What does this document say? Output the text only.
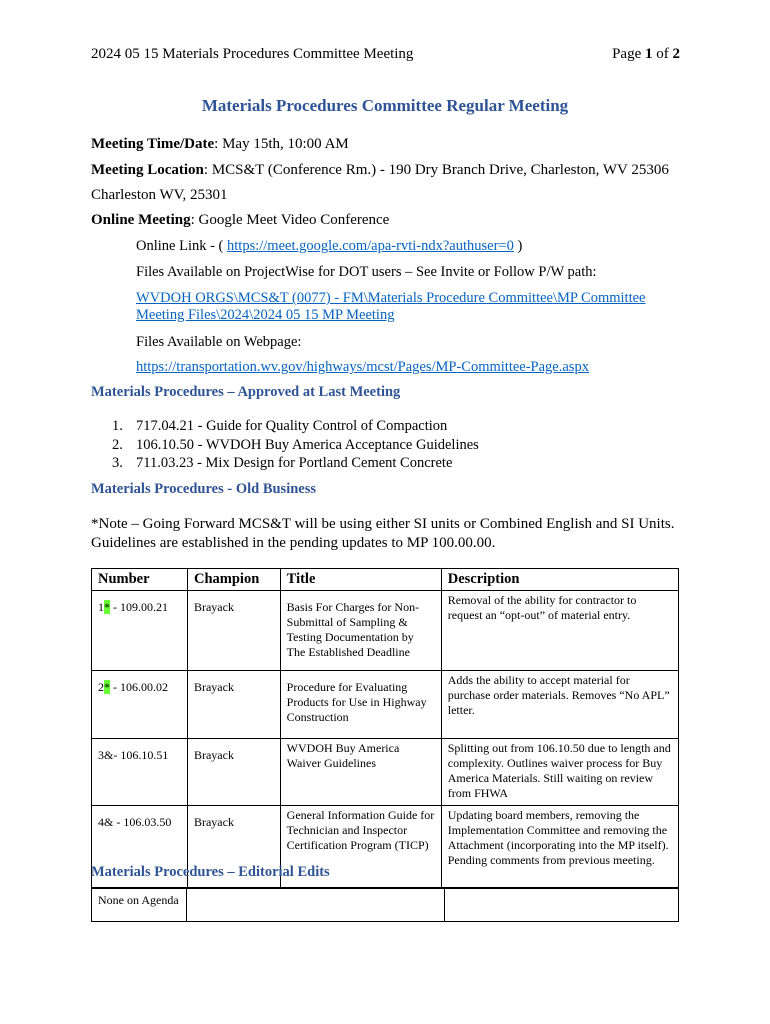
2024 05 15 Materials Procedures Committee Meeting	Page 1 of 2
Materials Procedures Committee Regular Meeting
Meeting Time/Date: May 15th, 10:00 AM
Meeting Location: MCS&T (Conference Rm.) - 190 Dry Branch Drive, Charleston, WV 25306
Charleston WV, 25301
Online Meeting: Google Meet Video Conference
Online Link - ( https://meet.google.com/apa-rvti-ndx?authuser=0 )
Files Available on ProjectWise for DOT users – See Invite or Follow P/W path:
WVDOH ORGS\MCS&T (0077) - FM\Materials Procedure Committee\MP Committee
Meeting Files\2024\2024 05 15 MP Meeting
Files Available on Webpage:
https://transportation.wv.gov/highways/mcst/Pages/MP-Committee-Page.aspx
Materials Procedures – Approved at Last Meeting
1. 717.04.21 - Guide for Quality Control of Compaction
2. 106.10.50 - WVDOH Buy America Acceptance Guidelines
3. 711.03.23 - Mix Design for Portland Cement Concrete
Materials Procedures - Old Business
*Note – Going Forward MCS&T will be using either SI units or Combined English and SI Units. Guidelines are established in the pending updates to MP 100.00.00.
Number	Champion	Title	Description
1* - 109.00.21	Brayack	Basis For Charges for Non-Submittal of Sampling & Testing Documentation by The Established Deadline	Removal of the ability for contractor to request an “opt-out” of material entry.
2* - 106.00.02	Brayack	Procedure for Evaluating Products for Use in Highway Construction	Adds the ability to accept material for purchase order materials. Removes “No APL” letter.
3&- 106.10.51	Brayack	WVDOH Buy America Waiver Guidelines	Splitting out from 106.10.50 due to length and complexity. Outlines waiver process for Buy America Materials. Still waiting on review from FHWA
4& - 106.03.50	Brayack	General Information Guide for Technician and Inspector Certification Program (TICP)	Updating board members, removing the Implementation Committee and removing the Attachment (incorporating into the MP itself). Pending comments from previous meeting.
Materials Procedures – Editorial Edits
None on Agenda		
